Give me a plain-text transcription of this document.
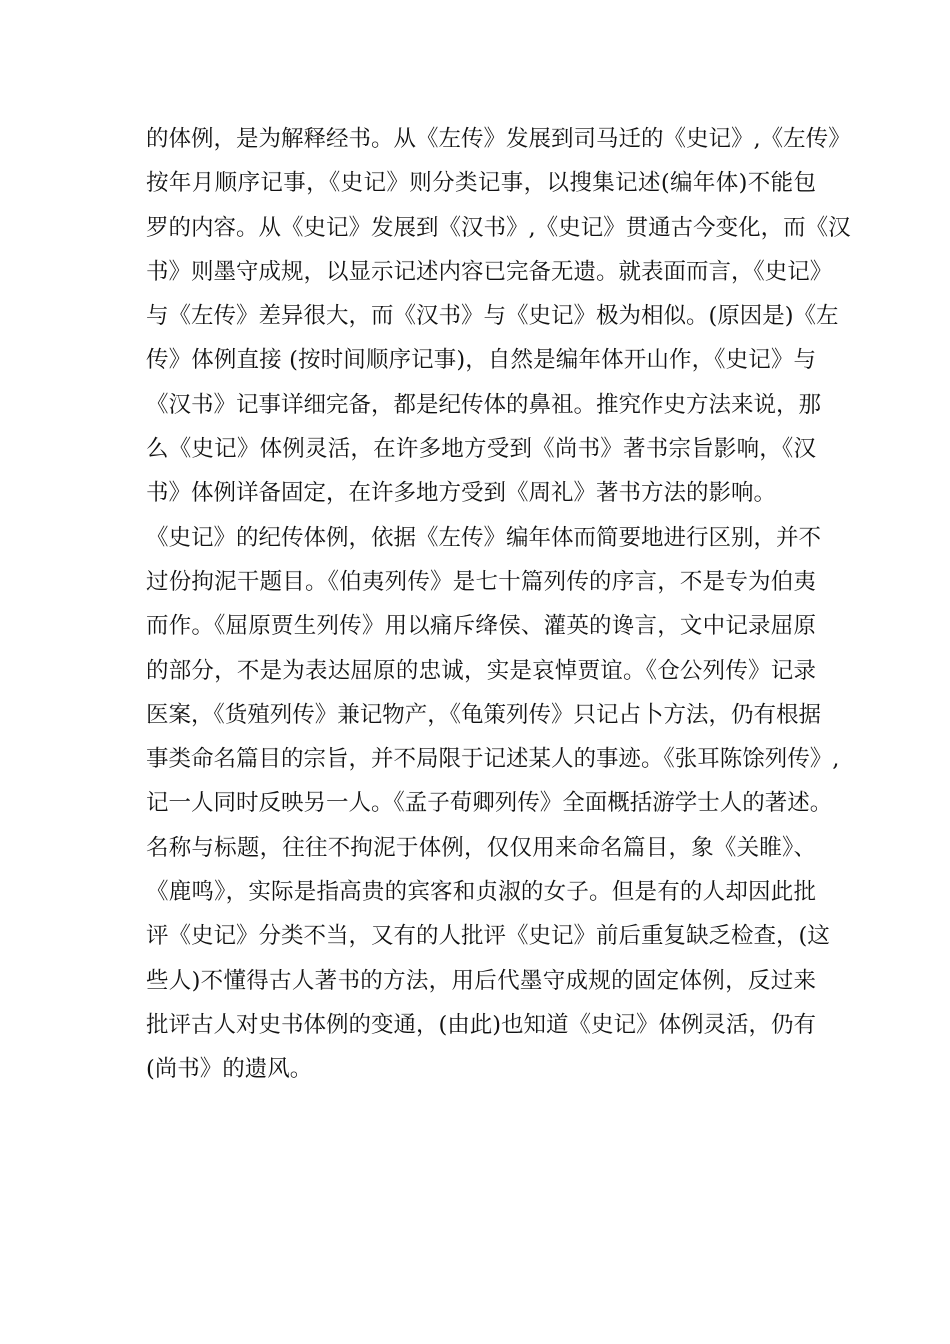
的体例，是为解释经书。从《左传》发展到司马迁的《史记》,《左传》
按年月顺序记事，《史记》则分类记事，以搜集记述(编年体)不能包
罗的内容。从《史记》发展到《汉书》,《史记》贯通古今变化，而《汉
书》则墨守成规，以显示记述内容已完备无遗。就表面而言，《史记》
与《左传》差异很大，而《汉书》与《史记》极为相似。(原因是)《左
传》体例直接 (按时间顺序记事)，自然是编年体开山作，《史记》与
《汉书》记事详细完备，都是纪传体的鼻祖。推究作史方法来说，那
么《史记》体例灵活，在许多地方受到《尚书》著书宗旨影响，《汉
书》体例详备固定，在许多地方受到《周礼》著书方法的影响。
《史记》的纪传体例，依据《左传》编年体而简要地进行区别，并不
过份拘泥干题目。《伯夷列传》是七十篇列传的序言，不是专为伯夷
而作。《屈原贾生列传》用以痛斥绛侯、灌英的谗言，文中记录屈原
的部分，不是为表达屈原的忠诚，实是哀悼贾谊。《仓公列传》记录
医案，《货殖列传》兼记物产，《龟策列传》只记占卜方法，仍有根据
事类命名篇目的宗旨，并不局限于记述某人的事迹。《张耳陈馀列传》,
记一人同时反映另一人。《孟子荀卿列传》全面概括游学士人的著述。
名称与标题，往往不拘泥于体例，仅仅用来命名篇目，象《关睢》、
《鹿鸣》，实际是指高贵的宾客和贞淑的女子。但是有的人却因此批
评《史记》分类不当，又有的人批评《史记》前后重复缺乏检查，(这
些人)不懂得古人著书的方法，用后代墨守成规的固定体例，反过来
批评古人对史书体例的变通，(由此)也知道《史记》体例灵活，仍有
(尚书》的遗风。
